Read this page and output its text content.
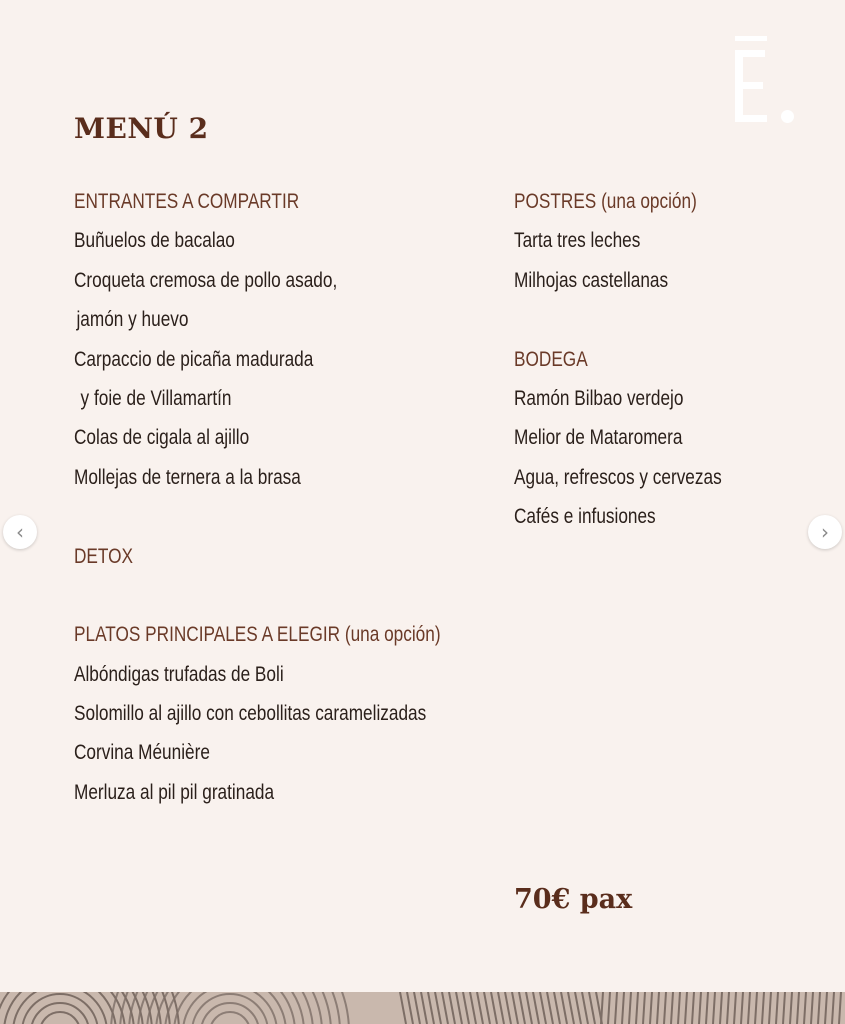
MENÚ 2
ENTRANTES A COMPARTIR
Buñuelos de bacalao
Croqueta cremosa de pollo asado,
jamón y huevo
Carpaccio de picaña madurada
y foie de Villamartín
Colas de cigala al ajillo
Mollejas de ternera a la brasa
DETOX
PLATOS PRINCIPALES A ELEGIR (una opción)
Albóndigas trufadas de Boli
Solomillo al ajillo con cebollitas caramelizadas
Corvina Méunière
Merluza al pil pil gratinada
POSTRES (una opción)
Tarta tres leches
Milhojas castellanas
BODEGA
Ramón Bilbao verdejo
Melior de Mataromera
Agua, refrescos y cervezas
Cafés e infusiones
70€ pax
‹	›
